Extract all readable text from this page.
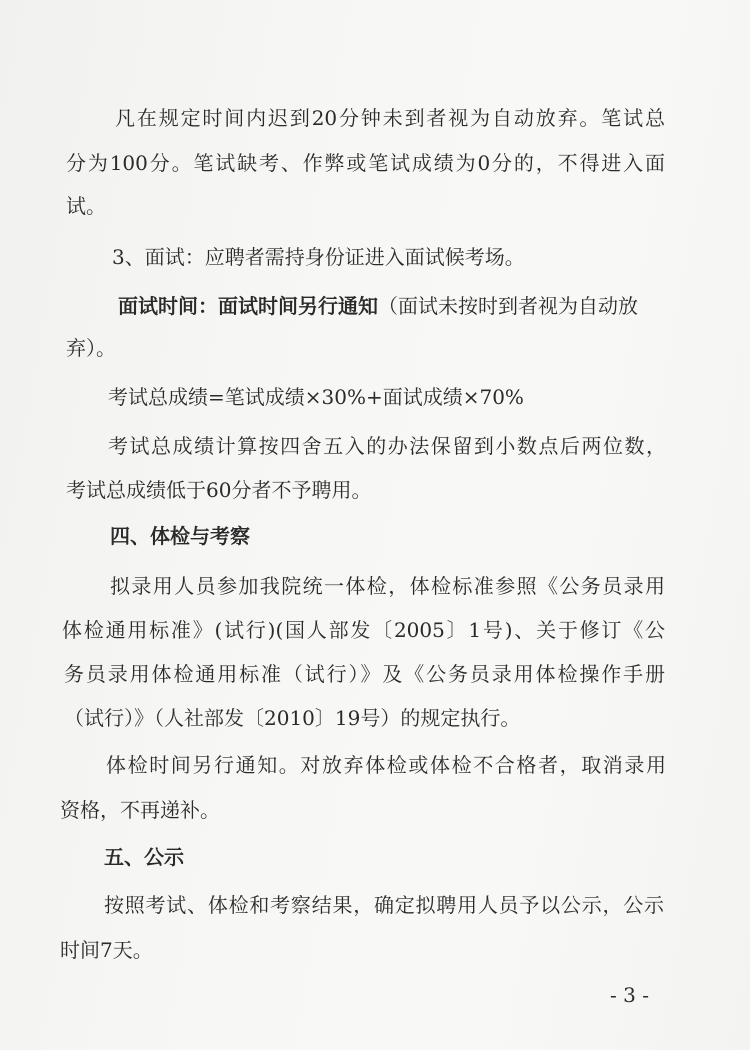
凡在规定时间内迟到20分钟未到者视为自动放弃。笔试总
分为100分。笔试缺考、作弊或笔试成绩为0分的，不得进入面
试。
3、面试：应聘者需持身份证进入面试候考场。
面试时间：面试时间另行通知（面试未按时到者视为自动放
弃）。
考试总成绩=笔试成绩×30%+面试成绩×70%
考试总成绩计算按四舍五入的办法保留到小数点后两位数，
考试总成绩低于60分者不予聘用。
四、体检与考察
拟录用人员参加我院统一体检，体检标准参照《公务员录用
体检通用标准》(试行)(国人部发〔2005〕1号)、关于修订《公
务员录用体检通用标准（试行）》及《公务员录用体检操作手册
（试行）》（人社部发〔2010〕19号）的规定执行。
体检时间另行通知。对放弃体检或体检不合格者，取消录用
资格，不再递补。
五、公示
按照考试、体检和考察结果，确定拟聘用人员予以公示，公示
时间7天。
- 3 -
